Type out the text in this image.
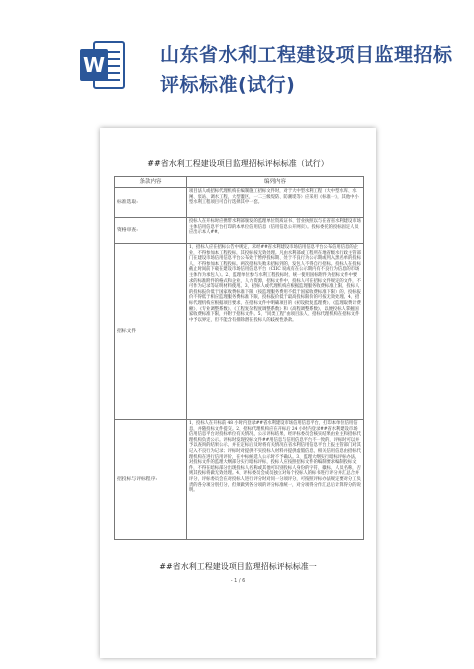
W	山东省水利工程建设项目监理招标评标标准(试行)
##省水利工程建设项目监理招标评标标准（试行）
条款内容	编列内容
标准选取:	项目法人或招标代理机构在编制施工招标文件时，对于大中型水利工程（大中型水库、水闸、泵站、调水工程，大型灌区，一二三级堤防、防潮堤等）应采用《标准一》，其他中小型水利工程项目可自行选择其中一套。
资格审查:	投标人在开标时应携带水利部颁发的监理单位资质证书、营业执照以与在省省水利建设市场主体信用信息平台打印的本单位信用信息（信用信息公开网页）。投标委托的投标固定人员应出示本人##。
招标文件	1、招标人应在招标公告中规定，未经##省水利建设市场信用信息平台公布信用信息的企业，不得参加本工程投标，其投标按无效处理。凡由水利部或工程所在地省级水行政主管部门在建设市场信用信息平台公布处于暂停投标期、处于不良行为公示期或列入黑名单的投标人，不得参加本工程投标。两次招标失败未招标到的，发包人不得自行招标。投标人在投标截止时间前下载在建设市场信用信息平台（CIIC 说成有在公示期内有不良行为信息的市场主体作为承包人）。2、监理单位参与水利工程投标时，统一使用国标附件为招标文件中要求的标准附件的格式和企业，人力资源，招标文件中，投标人可在招标文件规定的文件，不可作为记录等证明材料使用。3、招标人或代理机构应根据监理服务收费标准上限，投标人的投标报价低于国家收费标准下限（按监理服务费用不低于国家收费标准下限）的，投标报价不得低于相应监理服务费标准下限，投标报价低于最高投标限价的可按无效处理。4、招标代理机构应根据项目要求，在招标文件中明确项目的《初设批复监理费》、《监理取费计费额》、《专业调整系数》、《工程复杂程度调整系数》和《高程调整系数》，以便投标人掌握国家收费标准下限，并附于招标文件。5、“同类工程”由项目法人、招标代理机构在招标文件中予以界定，但不能含有排除潜在投标人的歧视性条款。
招投标与评标程序:	1、投标人在开标前 48 小时内登录##省水利建设市场信用信息平台，打印本单位信用信息，并随投标文件提交。2、招标代理机构应在开标后 24 小时内登录##省水利建设市场信用信息平台对投标单位有关情况，公示评标结果，经评标委员会核实结果由业主和招标代理机构负责公示。评标时发现投标文件##用信息与信用信息平台不一致的，评标时可以并予以查询的结果公示，并在定标后及时将有关情况在省水利信用信息平台上报主管部门对其记入不良行为记录；评标时对提供不实投标人材料并提供虚假信息，相关信用信息由招标代理机构在进行信用评价，在中标候选人公示时不予确认。3、监理大纲实行暗标评标办法，对投标文件的监理大纲部分实行暗标评标，投标人应按照招标文件的编制要求编制投标文件，不得在暗标部分出现投标人名称或其他可识别投标人身份的字符、徽标、人员名称，否则其投标将做无效处理。4、评标委员会成员独立对每个投标人的标书进行评分并汇总合并评分，评标委员会在对投标人进行评分时对同一分项评分，可按照评标办法规定要对分工负责的各分项分别打分，但须做到各分项的评分标准统一，对分项得分作汇总后计算得分的说明。
##省水利工程建设项目监理招标评标标准一
- 1 / 6
